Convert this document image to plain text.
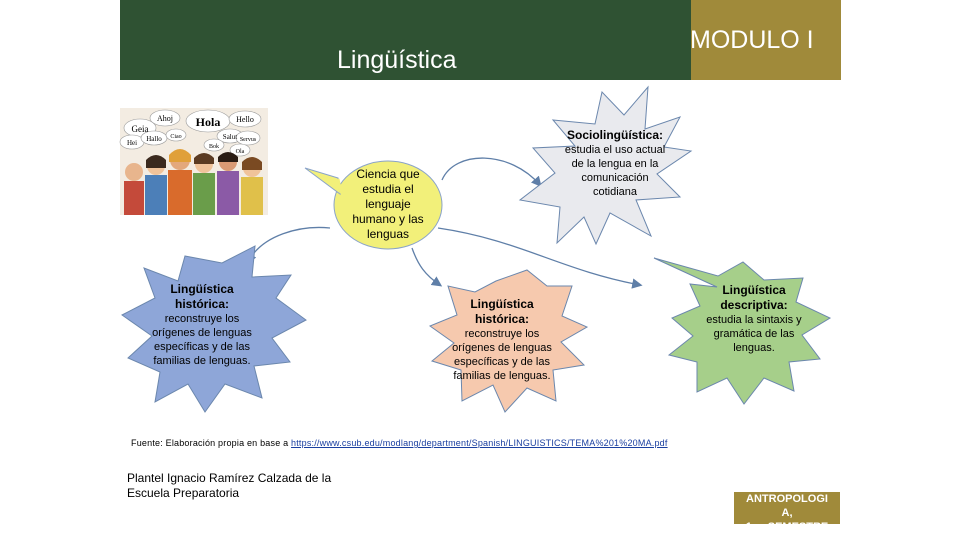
Lingüística
MODULO I
Geia
Ahoj Hola Hello
Hei Hallo Ciao	Salut Servus
Bok
Ola
Ciencia que estudia el lenguaje humano y las lenguas
Sociolingüística:
estudia el uso actual de la lengua en la comunicación cotidiana
Lingüística histórica:
reconstruye los orígenes de lenguas específicas y de las familias de lenguas.
Lingüística histórica:
reconstruye los orígenes de lenguas específicas y de las familias de lenguas.
Lingüística descriptiva:
estudia la sintaxis y gramática de las lenguas.
Fuente: Elaboración propia en base a https://www.csub.edu/modlang/department/Spanish/LINGUISTICS/TEMA%201%20MA.pdf
Plantel Ignacio Ramírez Calzada de la Escuela Preparatoria	ANTROPOLOGI
A,
1er. SEMESTRE
